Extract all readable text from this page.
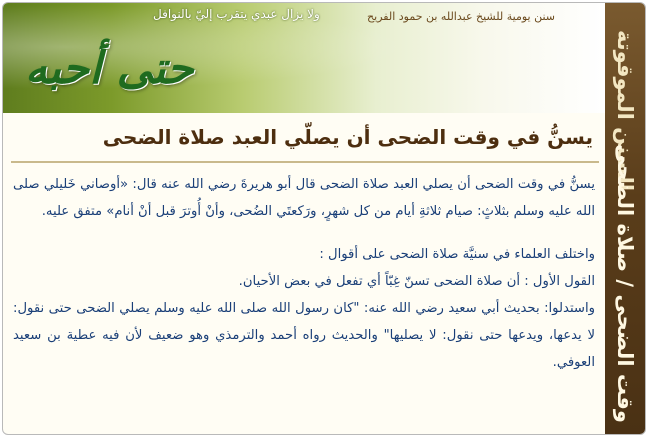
سنن يومية للشيخ عبدالله بن حمود الفريح
ولا يزال عبدي يتقرب إليّ بالنوافل
حتى أحبه	السنن الموقوتة
وقت الضحى / صلاة الضحى
يسنُّ في وقت الضحى أن يصلّي العبد صلاة الضحى

يسنُّ في وقت الضحى أن يصلي العبد صلاة الضحى قال أبو هريرةَ رضي الله عنه قال: «أوصاني خَليلي صلى الله عليه وسلم بثلاثٍ: صيام ثلاثةِ أيام من كل شهرٍ، ورَكعتَي الضُحى، وأنْ أُوترَ قبل أنْ أنام» متفق عليه.

واختلف العلماء في سنيَّة صلاة الضحى على أقوال :

القول الأول : أن صلاة الضحى تسنّ غِبّاً أي تفعل في بعض الأحيان.

واستدلوا: بحديث أبي سعيد رضي الله عنه: "كان رسول الله صلى الله عليه وسلم يصلي الضحى حتى نقول: لا يدعها، ويدعها حتى نقول: لا يصليها" والحديث رواه أحمد والترمذي وهو ضعيف لأن فيه عطية بن سعيد العوفي.
